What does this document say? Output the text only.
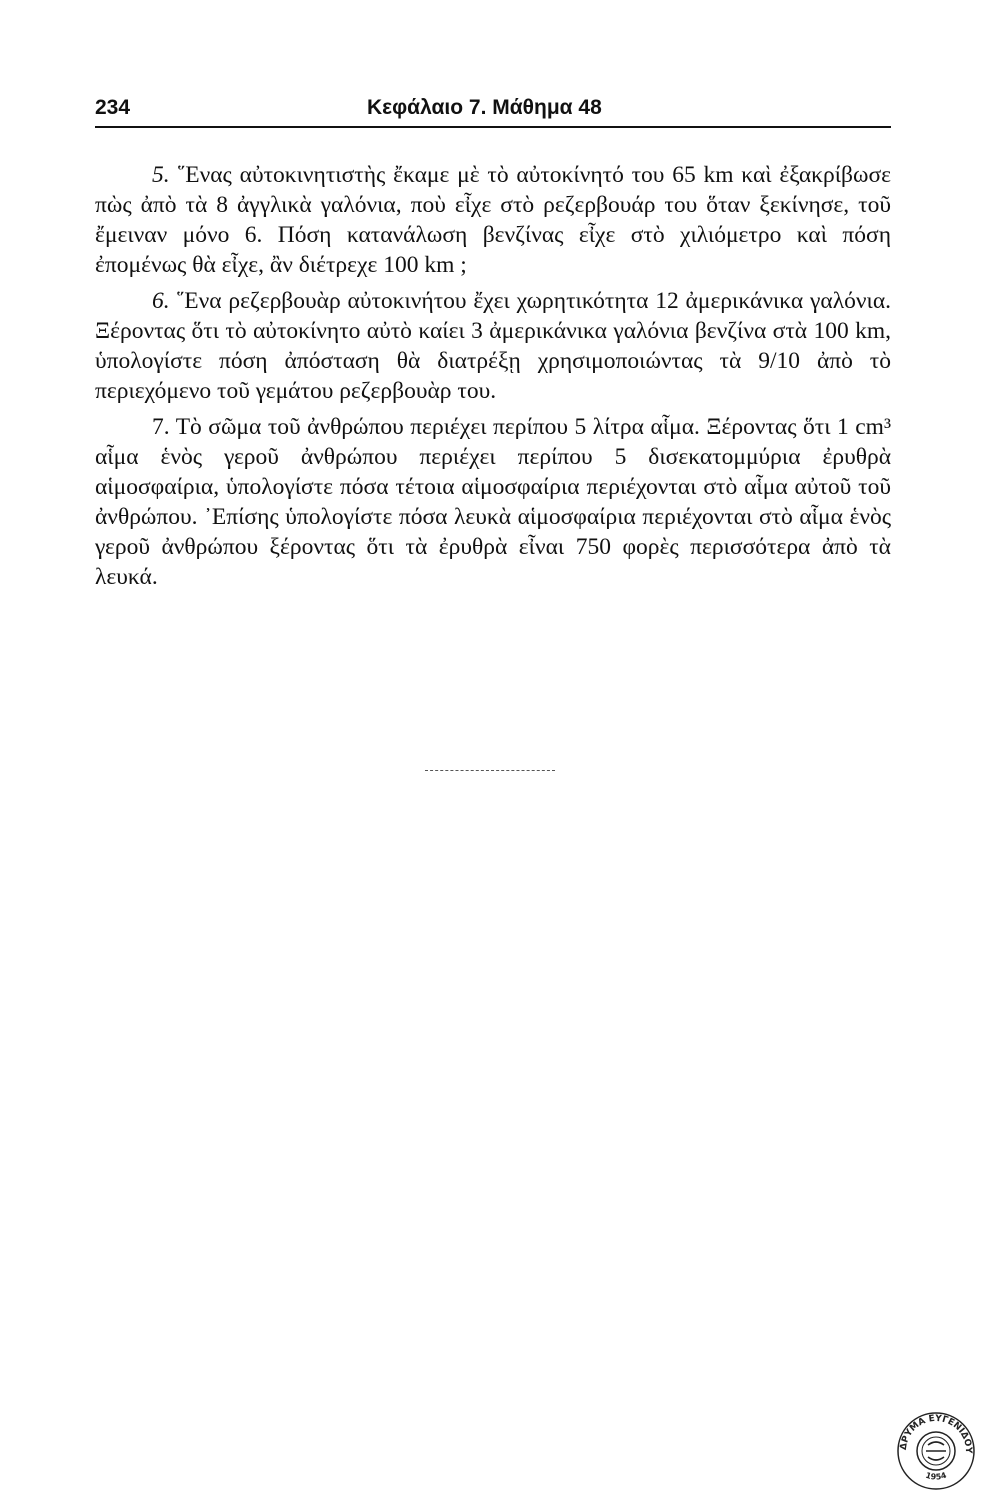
234	Κεφάλαιο 7. Μάθημα 48

5. ῞Ενας αὐτοκινητιστὴς ἔκαμε μὲ τὸ αὐτοκίνητό του 65 km καὶ ἐξακρίβωσε πὼς ἀπὸ τὰ 8 ἀγγλικὰ γαλόνια, ποὺ εἶχε στὸ ρεζερβουάρ του ὅταν ξεκίνησε, τοῦ ἔμειναν μόνο 6. Πόση κατανάλωση βενζίνας εἶχε στὸ χιλιόμετρο καὶ πόση ἐπομένως θὰ εἶχε, ἂν διέτρεχε 100 km ;

6. ῞Ενα ρεζερβουὰρ αὐτοκινήτου ἔχει χωρητικότητα 12 ἀμερικάνικα γαλόνια. Ξέροντας ὅτι τὸ αὐτοκίνητο αὐτὸ καίει 3 ἀμερικάνικα γαλόνια βενζίνα στὰ 100 km, ὑπολογίστε πόση ἀπόσταση θὰ διατρέξῃ χρησιμοποιώντας τὰ 9/10 ἀπὸ τὸ περιεχόμενο τοῦ γεμάτου ρεζερβουὰρ του.

7. Τὸ σῶμα τοῦ ἀνθρώπου περιέχει περίπου 5 λίτρα αἷμα. Ξέροντας ὅτι 1 cm³ αἷμα ἑνὸς γεροῦ ἀνθρώπου περιέχει περίπου 5 δισεκατομμύρια ἐρυθρὰ αἱμοσφαίρια, ὑπολογίστε πόσα τέτοια αἱμοσφαίρια περιέχονται στὸ αἷμα αὐτοῦ τοῦ ἀνθρώπου. ᾿Επίσης ὑπολογίστε πόσα λευκὰ αἱμοσφαίρια περιέχονται στὸ αἷμα ἑνὸς γεροῦ ἀνθρώπου ξέροντας ὅτι τὰ ἐρυθρὰ εἶναι 750 φορὲς περισσότερα ἀπὸ τὰ λευκά.

ΔΡΥΜΑ ΕΥΓΕΝΙΔΟΥ
1954
